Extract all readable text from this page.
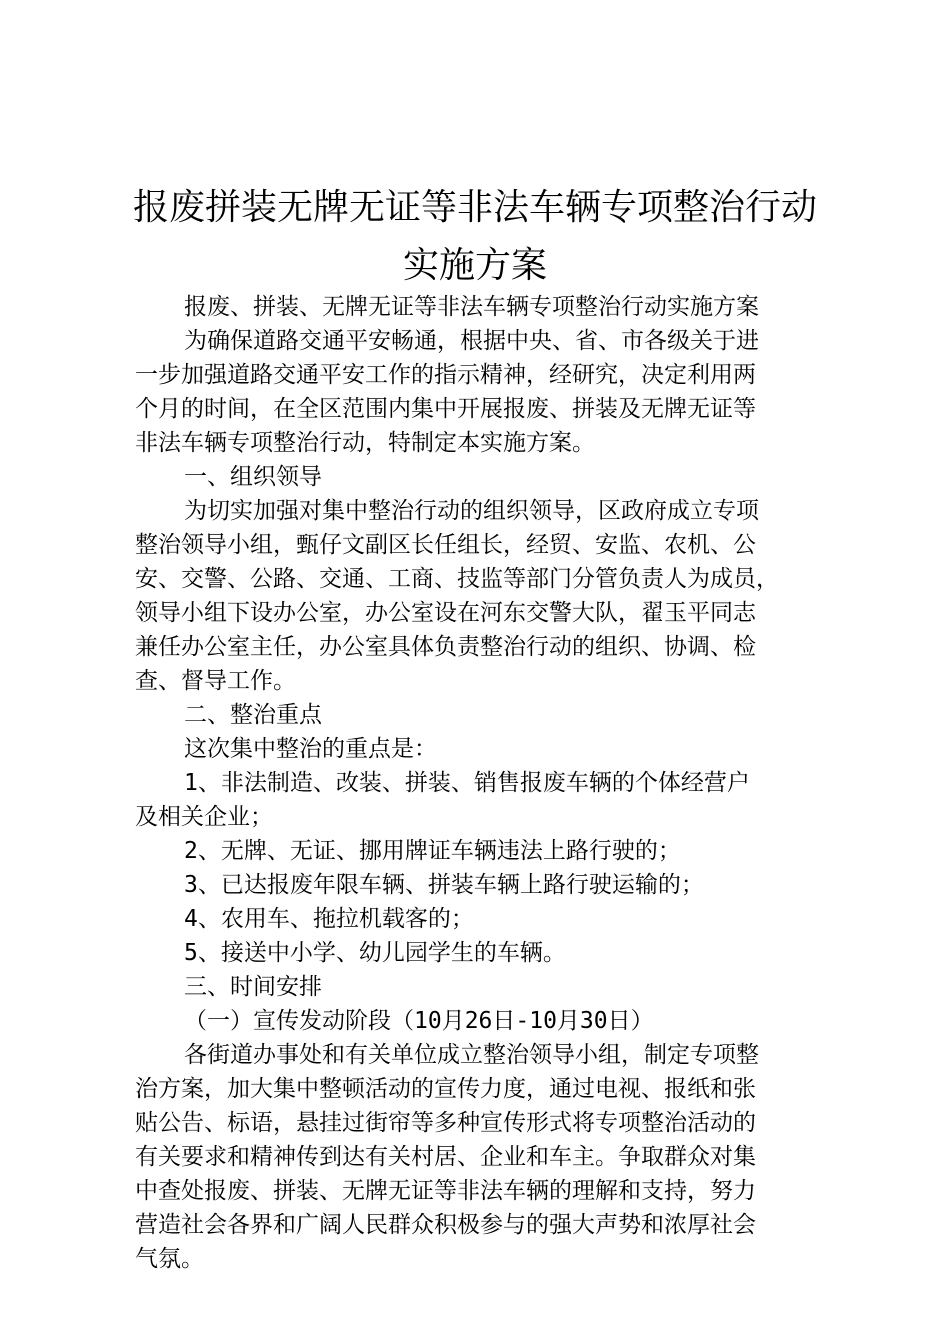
报废拼装无牌无证等非法车辆专项整治行动
实施方案
报废、拼装、无牌无证等非法车辆专项整治行动实施方案
为确保道路交通平安畅通，根据中央、省、市各级关于进
一步加强道路交通平安工作的指示精神，经研究，决定利用两
个月的时间，在全区范围内集中开展报废、拼装及无牌无证等
非法车辆专项整治行动，特制定本实施方案。
一、组织领导
为切实加强对集中整治行动的组织领导，区政府成立专项
整治领导小组，甄仔文副区长任组长，经贸、安监、农机、公
安、交警、公路、交通、工商、技监等部门分管负责人为成员，
领导小组下设办公室，办公室设在河东交警大队，翟玉平同志
兼任办公室主任，办公室具体负责整治行动的组织、协调、检
查、督导工作。
二、整治重点
这次集中整治的重点是：
1、非法制造、改装、拼装、销售报废车辆的个体经营户
及相关企业；
2、无牌、无证、挪用牌证车辆违法上路行驶的；
3、已达报废年限车辆、拼装车辆上路行驶运输的；
4、农用车、拖拉机载客的；
5、接送中小学、幼儿园学生的车辆。
三、时间安排
（一）宣传发动阶段（10月26日-10月30日）
各街道办事处和有关单位成立整治领导小组，制定专项整
治方案，加大集中整顿活动的宣传力度，通过电视、报纸和张
贴公告、标语，悬挂过街帘等多种宣传形式将专项整治活动的
有关要求和精神传到达有关村居、企业和车主。争取群众对集
中查处报废、拼装、无牌无证等非法车辆的理解和支持，努力
营造社会各界和广阔人民群众积极参与的强大声势和浓厚社会
气氛。
